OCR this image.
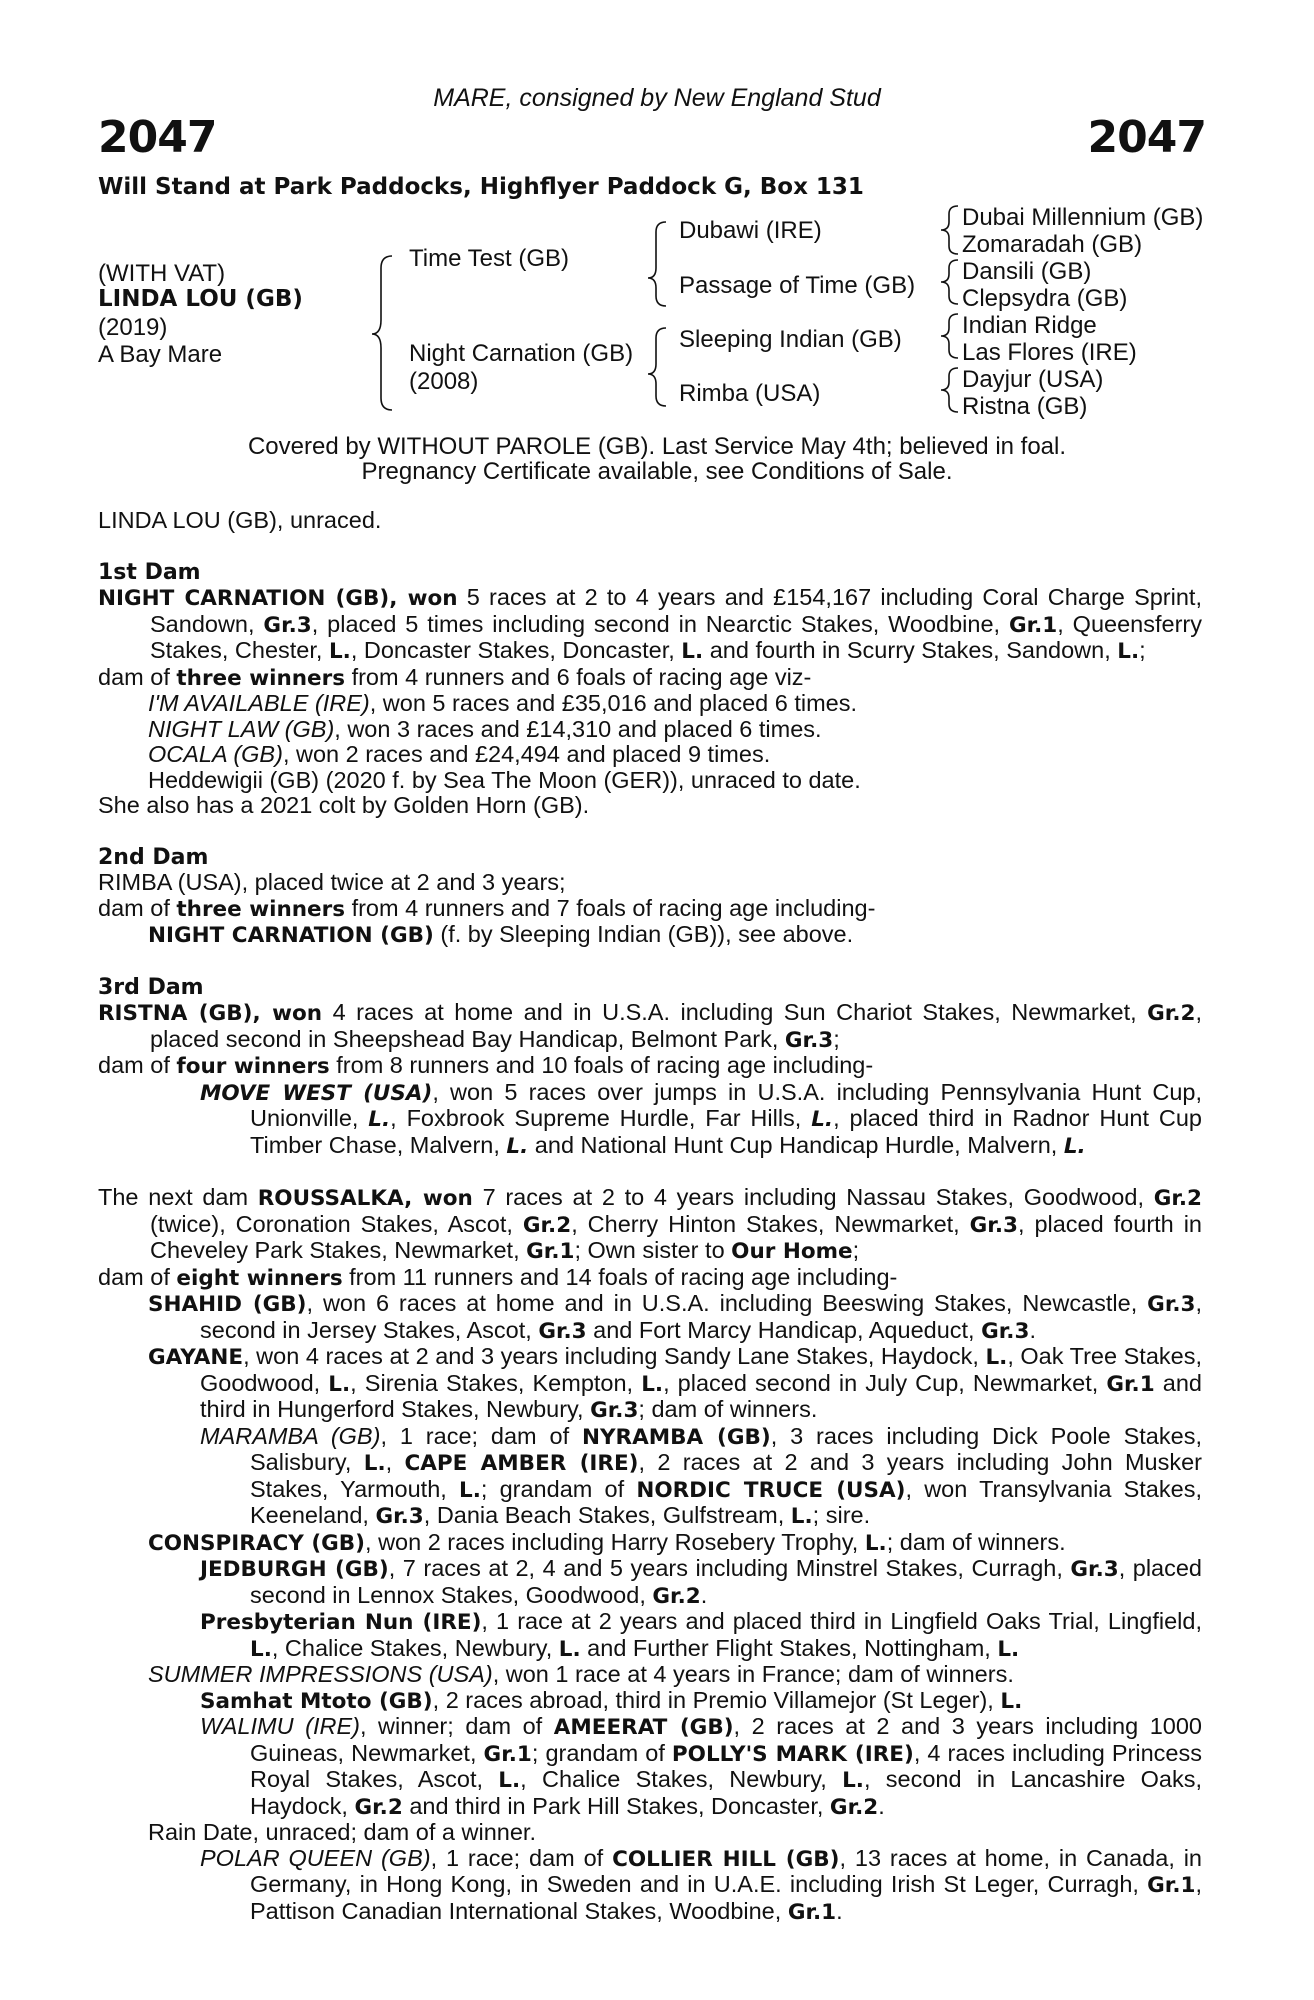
2047	2047
MARE, consigned by New England Stud
Will Stand at Park Paddocks, Highflyer Paddock G, Box 131
(WITH VAT)
LINDA LOU (GB)
(2019)
A Bay Mare
Time Test (GB)
Night Carnation (GB)
(2008)
Dubawi (IRE)
Passage of Time (GB)
Sleeping Indian (GB)
Rimba (USA)
Dubai Millennium (GB)
Zomaradah (GB)
Dansili (GB)
Clepsydra (GB)
Indian Ridge
Las Flores (IRE)
Dayjur (USA)
Ristna (GB)
Covered by WITHOUT PAROLE (GB). Last Service May 4th; believed in foal.
Pregnancy Certificate available, see Conditions of Sale.

LINDA LOU (GB), unraced.

1st Dam

NIGHT CARNATION (GB), won 5 races at 2 to 4 years and £154,167 including Coral Charge Sprint, Sandown, Gr.3, placed 5 times including second in Nearctic Stakes, Woodbine, Gr.1, Queensferry Stakes, Chester, L., Doncaster Stakes, Doncaster, L. and fourth in Scurry Stakes, Sandown, L.;

dam of three winners from 4 runners and 6 foals of racing age viz-

I'M AVAILABLE (IRE), won 5 races and £35,016 and placed 6 times.

NIGHT LAW (GB), won 3 races and £14,310 and placed 6 times.

OCALA (GB), won 2 races and £24,494 and placed 9 times.

Heddewigii (GB) (2020 f. by Sea The Moon (GER)), unraced to date.

She also has a 2021 colt by Golden Horn (GB).

2nd Dam

RIMBA (USA), placed twice at 2 and 3 years;

dam of three winners from 4 runners and 7 foals of racing age including-

NIGHT CARNATION (GB) (f. by Sleeping Indian (GB)), see above.

3rd Dam

RISTNA (GB), won 4 races at home and in U.S.A. including Sun Chariot Stakes, Newmarket, Gr.2, placed second in Sheepshead Bay Handicap, Belmont Park, Gr.3;

dam of four winners from 8 runners and 10 foals of racing age including-

MOVE WEST (USA), won 5 races over jumps in U.S.A. including Pennsylvania Hunt Cup, Unionville, L., Foxbrook Supreme Hurdle, Far Hills, L., placed third in Radnor Hunt Cup Timber Chase, Malvern, L. and National Hunt Cup Handicap Hurdle, Malvern, L.

The next dam ROUSSALKA, won 7 races at 2 to 4 years including Nassau Stakes, Goodwood, Gr.2 (twice), Coronation Stakes, Ascot, Gr.2, Cherry Hinton Stakes, Newmarket, Gr.3, placed fourth in Cheveley Park Stakes, Newmarket, Gr.1; Own sister to Our Home;

dam of eight winners from 11 runners and 14 foals of racing age including-

SHAHID (GB), won 6 races at home and in U.S.A. including Beeswing Stakes, Newcastle, Gr.3, second in Jersey Stakes, Ascot, Gr.3 and Fort Marcy Handicap, Aqueduct, Gr.3.

GAYANE, won 4 races at 2 and 3 years including Sandy Lane Stakes, Haydock, L., Oak Tree Stakes, Goodwood, L., Sirenia Stakes, Kempton, L., placed second in July Cup, Newmarket, Gr.1 and third in Hungerford Stakes, Newbury, Gr.3; dam of winners.

MARAMBA (GB), 1 race; dam of NYRAMBA (GB), 3 races including Dick Poole Stakes, Salisbury, L., CAPE AMBER (IRE), 2 races at 2 and 3 years including John Musker Stakes, Yarmouth, L.; grandam of NORDIC TRUCE (USA), won Transylvania Stakes, Keeneland, Gr.3, Dania Beach Stakes, Gulfstream, L.; sire.

CONSPIRACY (GB), won 2 races including Harry Rosebery Trophy, L.; dam of winners.

JEDBURGH (GB), 7 races at 2, 4 and 5 years including Minstrel Stakes, Curragh, Gr.3, placed second in Lennox Stakes, Goodwood, Gr.2.

Presbyterian Nun (IRE), 1 race at 2 years and placed third in Lingfield Oaks Trial, Lingfield, L., Chalice Stakes, Newbury, L. and Further Flight Stakes, Nottingham, L.

SUMMER IMPRESSIONS (USA), won 1 race at 4 years in France; dam of winners.

Samhat Mtoto (GB), 2 races abroad, third in Premio Villamejor (St Leger), L.

WALIMU (IRE), winner; dam of AMEERAT (GB), 2 races at 2 and 3 years including 1000 Guineas, Newmarket, Gr.1; grandam of POLLY'S MARK (IRE), 4 races including Princess Royal Stakes, Ascot, L., Chalice Stakes, Newbury, L., second in Lancashire Oaks, Haydock, Gr.2 and third in Park Hill Stakes, Doncaster, Gr.2.

Rain Date, unraced; dam of a winner.

POLAR QUEEN (GB), 1 race; dam of COLLIER HILL (GB), 13 races at home, in Canada, in Germany, in Hong Kong, in Sweden and in U.A.E. including Irish St Leger, Curragh, Gr.1, Pattison Canadian International Stakes, Woodbine, Gr.1.
